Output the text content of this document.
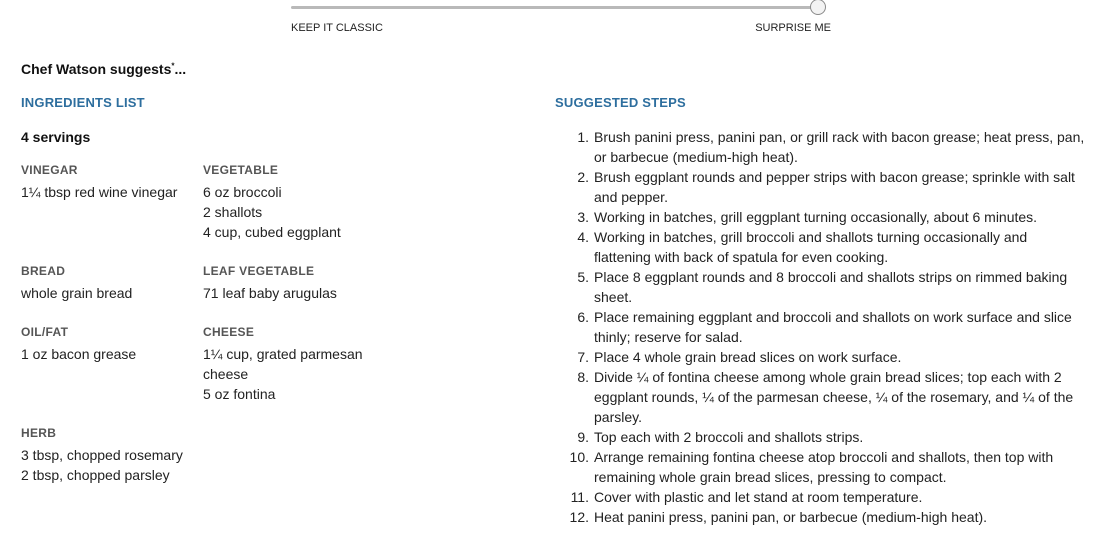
KEEP IT CLASSIC	SURPRISE ME
Chef Watson suggests*...
INGREDIENTS LIST
4 servings
VINEGAR
1¼ tbsp red wine vinegar
VEGETABLE
6 oz broccoli
2 shallots
4 cup, cubed eggplant
BREAD
whole grain bread
LEAF VEGETABLE
71 leaf baby arugulas
OIL/FAT
1 oz bacon grease
CHEESE
1¼ cup, grated parmesan cheese
5 oz fontina
HERB
3 tbsp, chopped rosemary
2 tbsp, chopped parsley
SUGGESTED STEPS
1. Brush panini press, panini pan, or grill rack with bacon grease; heat press, pan, or barbecue (medium-high heat).
2. Brush eggplant rounds and pepper strips with bacon grease; sprinkle with salt and pepper.
3. Working in batches, grill eggplant turning occasionally, about 6 minutes.
4. Working in batches, grill broccoli and shallots turning occasionally and flattening with back of spatula for even cooking.
5. Place 8 eggplant rounds and 8 broccoli and shallots strips on rimmed baking sheet.
6. Place remaining eggplant and broccoli and shallots on work surface and slice thinly; reserve for salad.
7. Place 4 whole grain bread slices on work surface.
8. Divide ¼ of fontina cheese among whole grain bread slices; top each with 2 eggplant rounds, ¼ of the parmesan cheese, ¼ of the rosemary, and ¼ of the parsley.
9. Top each with 2 broccoli and shallots strips.
10. Arrange remaining fontina cheese atop broccoli and shallots, then top with remaining whole grain bread slices, pressing to compact.
11. Cover with plastic and let stand at room temperature.
12. Heat panini press, panini pan, or barbecue (medium-high heat).
